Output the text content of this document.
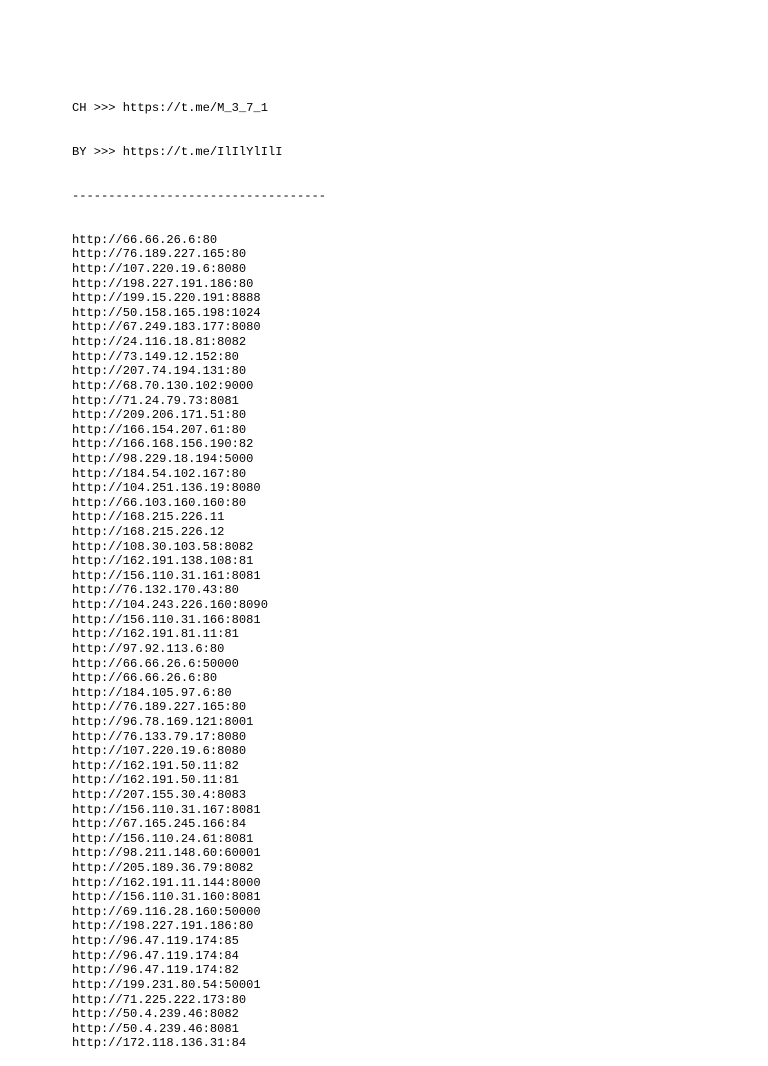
CH >>> https://t.me/M_3_7_1

BY >>> https://t.me/IlIlYlIlI

-----------------------------------

http://66.66.26.6:80
http://76.189.227.165:80
http://107.220.19.6:8080
http://198.227.191.186:80
http://199.15.220.191:8888
http://50.158.165.198:1024
http://67.249.183.177:8080
http://24.116.18.81:8082
http://73.149.12.152:80
http://207.74.194.131:80
http://68.70.130.102:9000
http://71.24.79.73:8081
http://209.206.171.51:80
http://166.154.207.61:80
http://166.168.156.190:82
http://98.229.18.194:5000
http://184.54.102.167:80
http://104.251.136.19:8080
http://66.103.160.160:80
http://168.215.226.11
http://168.215.226.12
http://108.30.103.58:8082
http://162.191.138.108:81
http://156.110.31.161:8081
http://76.132.170.43:80
http://104.243.226.160:8090
http://156.110.31.166:8081
http://162.191.81.11:81
http://97.92.113.6:80
http://66.66.26.6:50000
http://66.66.26.6:80
http://184.105.97.6:80
http://76.189.227.165:80
http://96.78.169.121:8001
http://76.133.79.17:8080
http://107.220.19.6:8080
http://162.191.50.11:82
http://162.191.50.11:81
http://207.155.30.4:8083
http://156.110.31.167:8081
http://67.165.245.166:84
http://156.110.24.61:8081
http://98.211.148.60:60001
http://205.189.36.79:8082
http://162.191.11.144:8000
http://156.110.31.160:8081
http://69.116.28.160:50000
http://198.227.191.186:80
http://96.47.119.174:85
http://96.47.119.174:84
http://96.47.119.174:82
http://199.231.80.54:50001
http://71.225.222.173:80
http://50.4.239.46:8082
http://50.4.239.46:8081
http://172.118.136.31:84
